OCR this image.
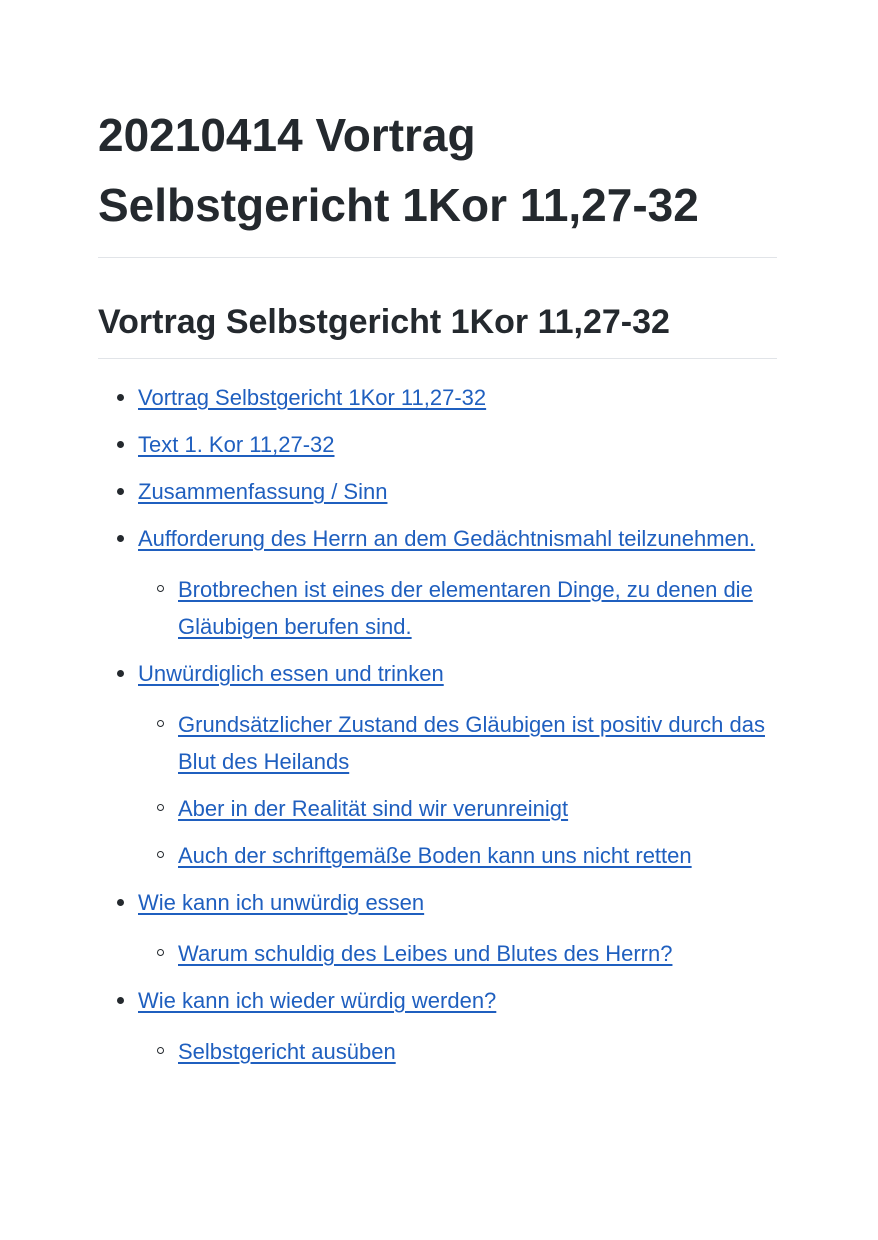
20210414 Vortrag Selbstgericht 1Kor 11,27-32
Vortrag Selbstgericht 1Kor 11,27-32
Vortrag Selbstgericht 1Kor 11,27-32
Text 1. Kor 11,27-32
Zusammenfassung / Sinn
Aufforderung des Herrn an dem Gedächtnismahl teilzunehmen.
Brotbrechen ist eines der elementaren Dinge, zu denen die Gläubigen berufen sind.
Unwürdiglich essen und trinken
Grundsätzlicher Zustand des Gläubigen ist positiv durch das Blut des Heilands
Aber in der Realität sind wir verunreinigt
Auch der schriftgemäße Boden kann uns nicht retten
Wie kann ich unwürdig essen
Warum schuldig des Leibes und Blutes des Herrn?
Wie kann ich wieder würdig werden?
Selbstgericht ausüben
